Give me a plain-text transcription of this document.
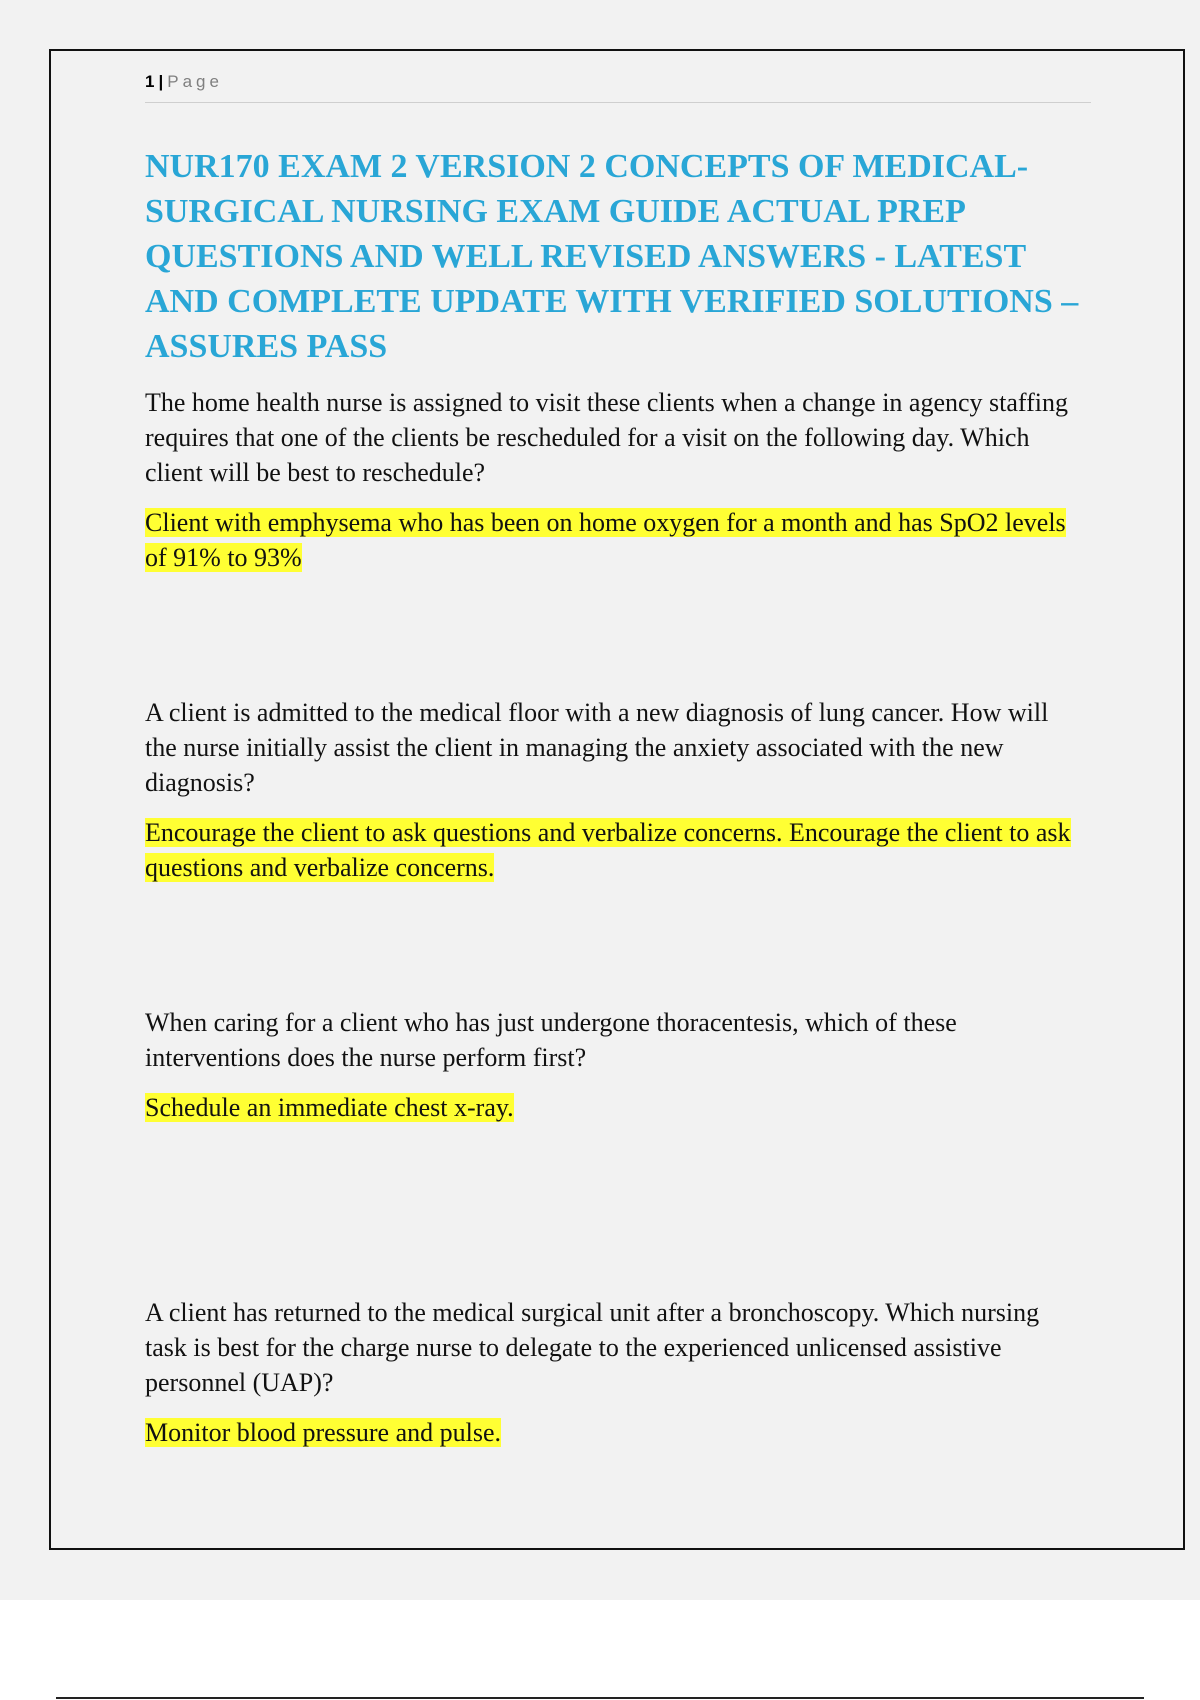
1 | Page
NUR170 EXAM 2 VERSION 2 CONCEPTS OF MEDICAL-SURGICAL NURSING EXAM GUIDE ACTUAL PREP QUESTIONS AND WELL REVISED ANSWERS - LATEST AND COMPLETE UPDATE WITH VERIFIED SOLUTIONS – ASSURES PASS

The home health nurse is assigned to visit these clients when a change in agency staffing requires that one of the clients be rescheduled for a visit on the following day. Which client will be best to reschedule?

Client with emphysema who has been on home oxygen for a month and has SpO2 levels of 91% to 93%

A client is admitted to the medical floor with a new diagnosis of lung cancer. How will the nurse initially assist the client in managing the anxiety associated with the new diagnosis?

Encourage the client to ask questions and verbalize concerns. Encourage the client to ask questions and verbalize concerns.

When caring for a client who has just undergone thoracentesis, which of these interventions does the nurse perform first?

Schedule an immediate chest x-ray.

A client has returned to the medical surgical unit after a bronchoscopy. Which nursing task is best for the charge nurse to delegate to the experienced unlicensed assistive personnel (UAP)?

Monitor blood pressure and pulse.
